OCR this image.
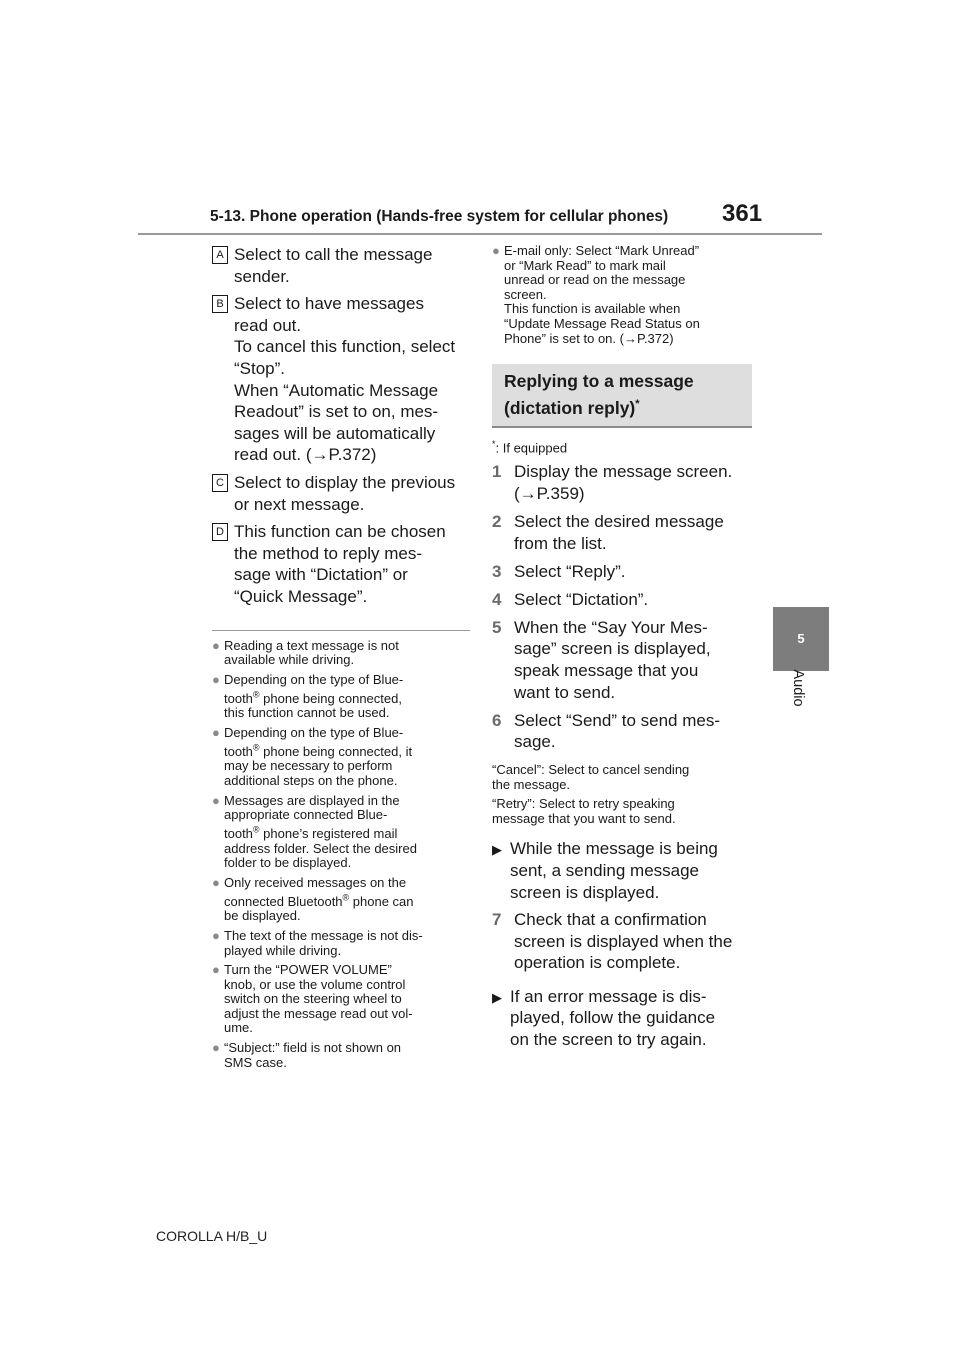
5-13. Phone operation (Hands-free system for cellular phones) 361
5
Audio
A Select to call the message
sender.
B Select to have messages
read out.
To cancel this function, select
“Stop”.
When “Automatic Message
Readout” is set to on, mes-
sages will be automatically
read out. (→P.372)
C Select to display the previous
or next message.
D This function can be chosen
the method to reply mes-
sage with “Dictation” or
“Quick Message”.
● Reading a text message is not
available while driving.
● Depending on the type of Blue-
tooth® phone being connected,
this function cannot be used.
● Depending on the type of Blue-
tooth® phone being connected, it
may be necessary to perform
additional steps on the phone.
● Messages are displayed in the
appropriate connected Blue-
tooth® phone’s registered mail
address folder. Select the desired
folder to be displayed.
● Only received messages on the
connected Bluetooth® phone can
be displayed.
● The text of the message is not dis-
played while driving.
● Turn the “POWER VOLUME”
knob, or use the volume control
switch on the steering wheel to
adjust the message read out vol-
ume.
● “Subject:” field is not shown on
SMS case.
● E-mail only: Select “Mark Unread”
or “Mark Read” to mark mail
unread or read on the message
screen.
This function is available when
“Update Message Read Status on
Phone” is set to on. (→P.372)
Replying to a message
(dictation reply)*
*: If equipped
1 Display the message screen.
(→P.359)
2 Select the desired message
from the list.
3 Select “Reply”.
4 Select “Dictation”.
5 When the “Say Your Mes-
sage” screen is displayed,
speak message that you
want to send.
6 Select “Send” to send mes-
sage.
“Cancel”: Select to cancel sending
the message.
“Retry”: Select to retry speaking
message that you want to send.
▶ While the message is being
sent, a sending message
screen is displayed.
7 Check that a confirmation
screen is displayed when the
operation is complete.
▶ If an error message is dis-
played, follow the guidance
on the screen to try again.
COROLLA H/B_U
